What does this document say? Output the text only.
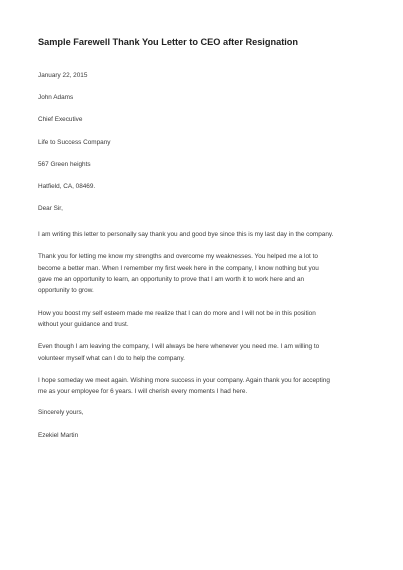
Sample Farewell Thank You Letter to CEO after Resignation
January 22, 2015
John Adams
Chief Executive
Life to Success Company
567 Green heights
Hatfield, CA, 08469.
Dear Sir,
I am writing this letter to personally say thank you and good bye since this is my last day in the company.
Thank you for letting me know my strengths and overcome my weaknesses. You helped me a lot to
become a better man. When I remember my first week here in the company, I know nothing but you
gave me an opportunity to learn, an opportunity to prove that I am worth it to work here and an
opportunity to grow.
How you boost my self esteem made me realize that I can do more and I will not be in this position
without your guidance and trust.
Even though I am leaving the company, I will always be here whenever you need me. I am willing to
volunteer myself what can I do to help the company.
I hope someday we meet again. Wishing more success in your company. Again thank you for accepting
me as your employee for 6 years. I will cherish every moments I had here.
Sincerely yours,
Ezekiel Martin
